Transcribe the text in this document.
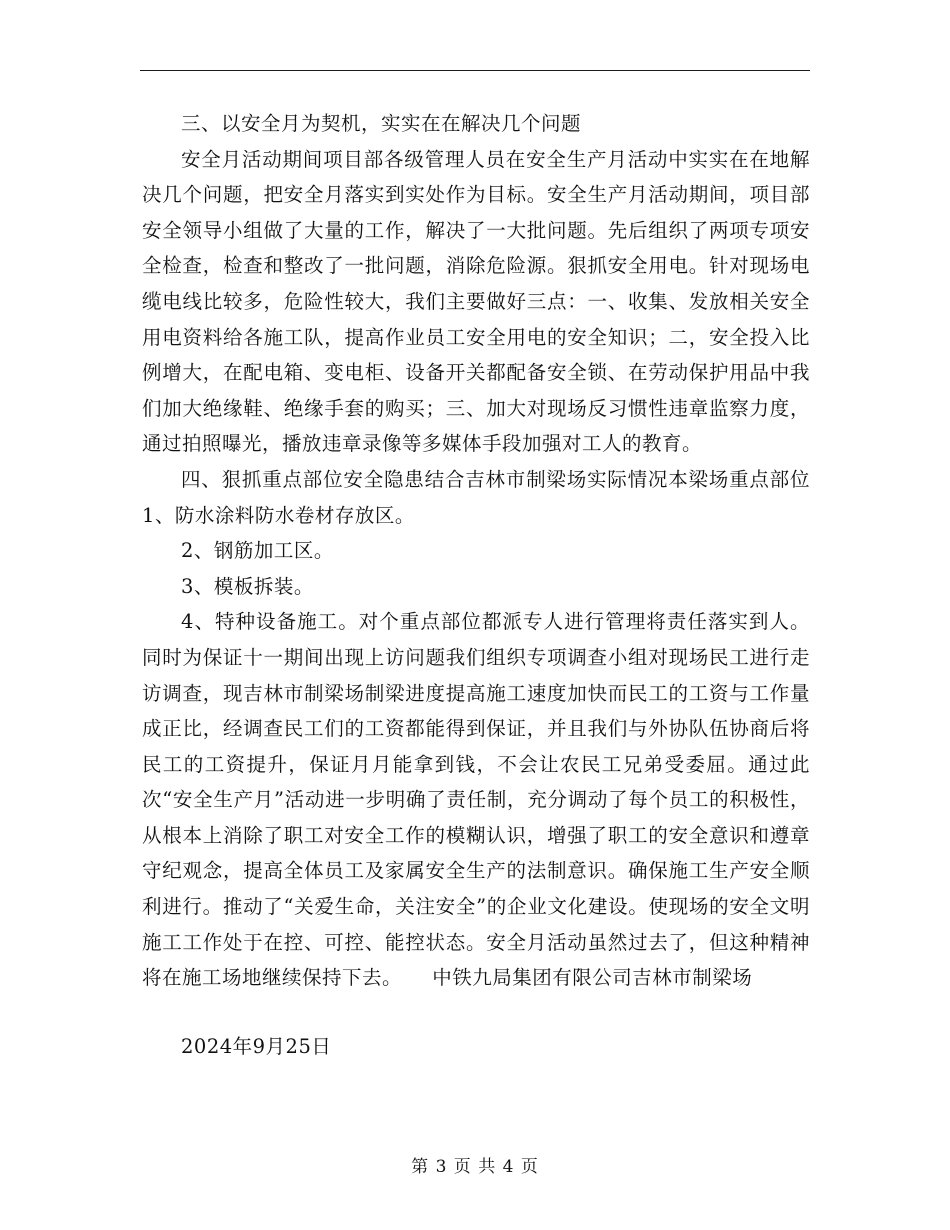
三、以安全月为契机，实实在在解决几个问题

安全月活动期间项目部各级管理人员在安全生产月活动中实实在在地解决几个问题，把安全月落实到实处作为目标。安全生产月活动期间，项目部安全领导小组做了大量的工作，解决了一大批问题。先后组织了两项专项安全检查，检查和整改了一批问题，消除危险源。狠抓安全用电。针对现场电缆电线比较多，危险性较大，我们主要做好三点：一、收集、发放相关安全用电资料给各施工队，提高作业员工安全用电的安全知识；二，安全投入比例增大，在配电箱、变电柜、设备开关都配备安全锁、在劳动保护用品中我们加大绝缘鞋、绝缘手套的购买；三、加大对现场反习惯性违章监察力度，通过拍照曝光，播放违章录像等多媒体手段加强对工人的教育。

四、狠抓重点部位安全隐患结合吉林市制梁场实际情况本梁场重点部位1、防水涂料防水卷材存放区。

2、钢筋加工区。

3、模板拆装。

4、特种设备施工。对个重点部位都派专人进行管理将责任落实到人。同时为保证十一期间出现上访问题我们组织专项调查小组对现场民工进行走访调查，现吉林市制梁场制梁进度提高施工速度加快而民工的工资与工作量成正比，经调查民工们的工资都能得到保证，并且我们与外协队伍协商后将民工的工资提升，保证月月能拿到钱，不会让农民工兄弟受委屈。通过此次“安全生产月”活动进一步明确了责任制，充分调动了每个员工的积极性，从根本上消除了职工对安全工作的模糊认识，增强了职工的安全意识和遵章守纪观念，提高全体员工及家属安全生产的法制意识。确保施工生产安全顺利进行。推动了“关爱生命，关注安全”的企业文化建设。使现场的安全文明施工工作处于在控、可控、能控状态。安全月活动虽然过去了，但这种精神将在施工场地继续保持下去。　　中铁九局集团有限公司吉林市制梁场

2024年9月25日

第 3 页 共 4 页
